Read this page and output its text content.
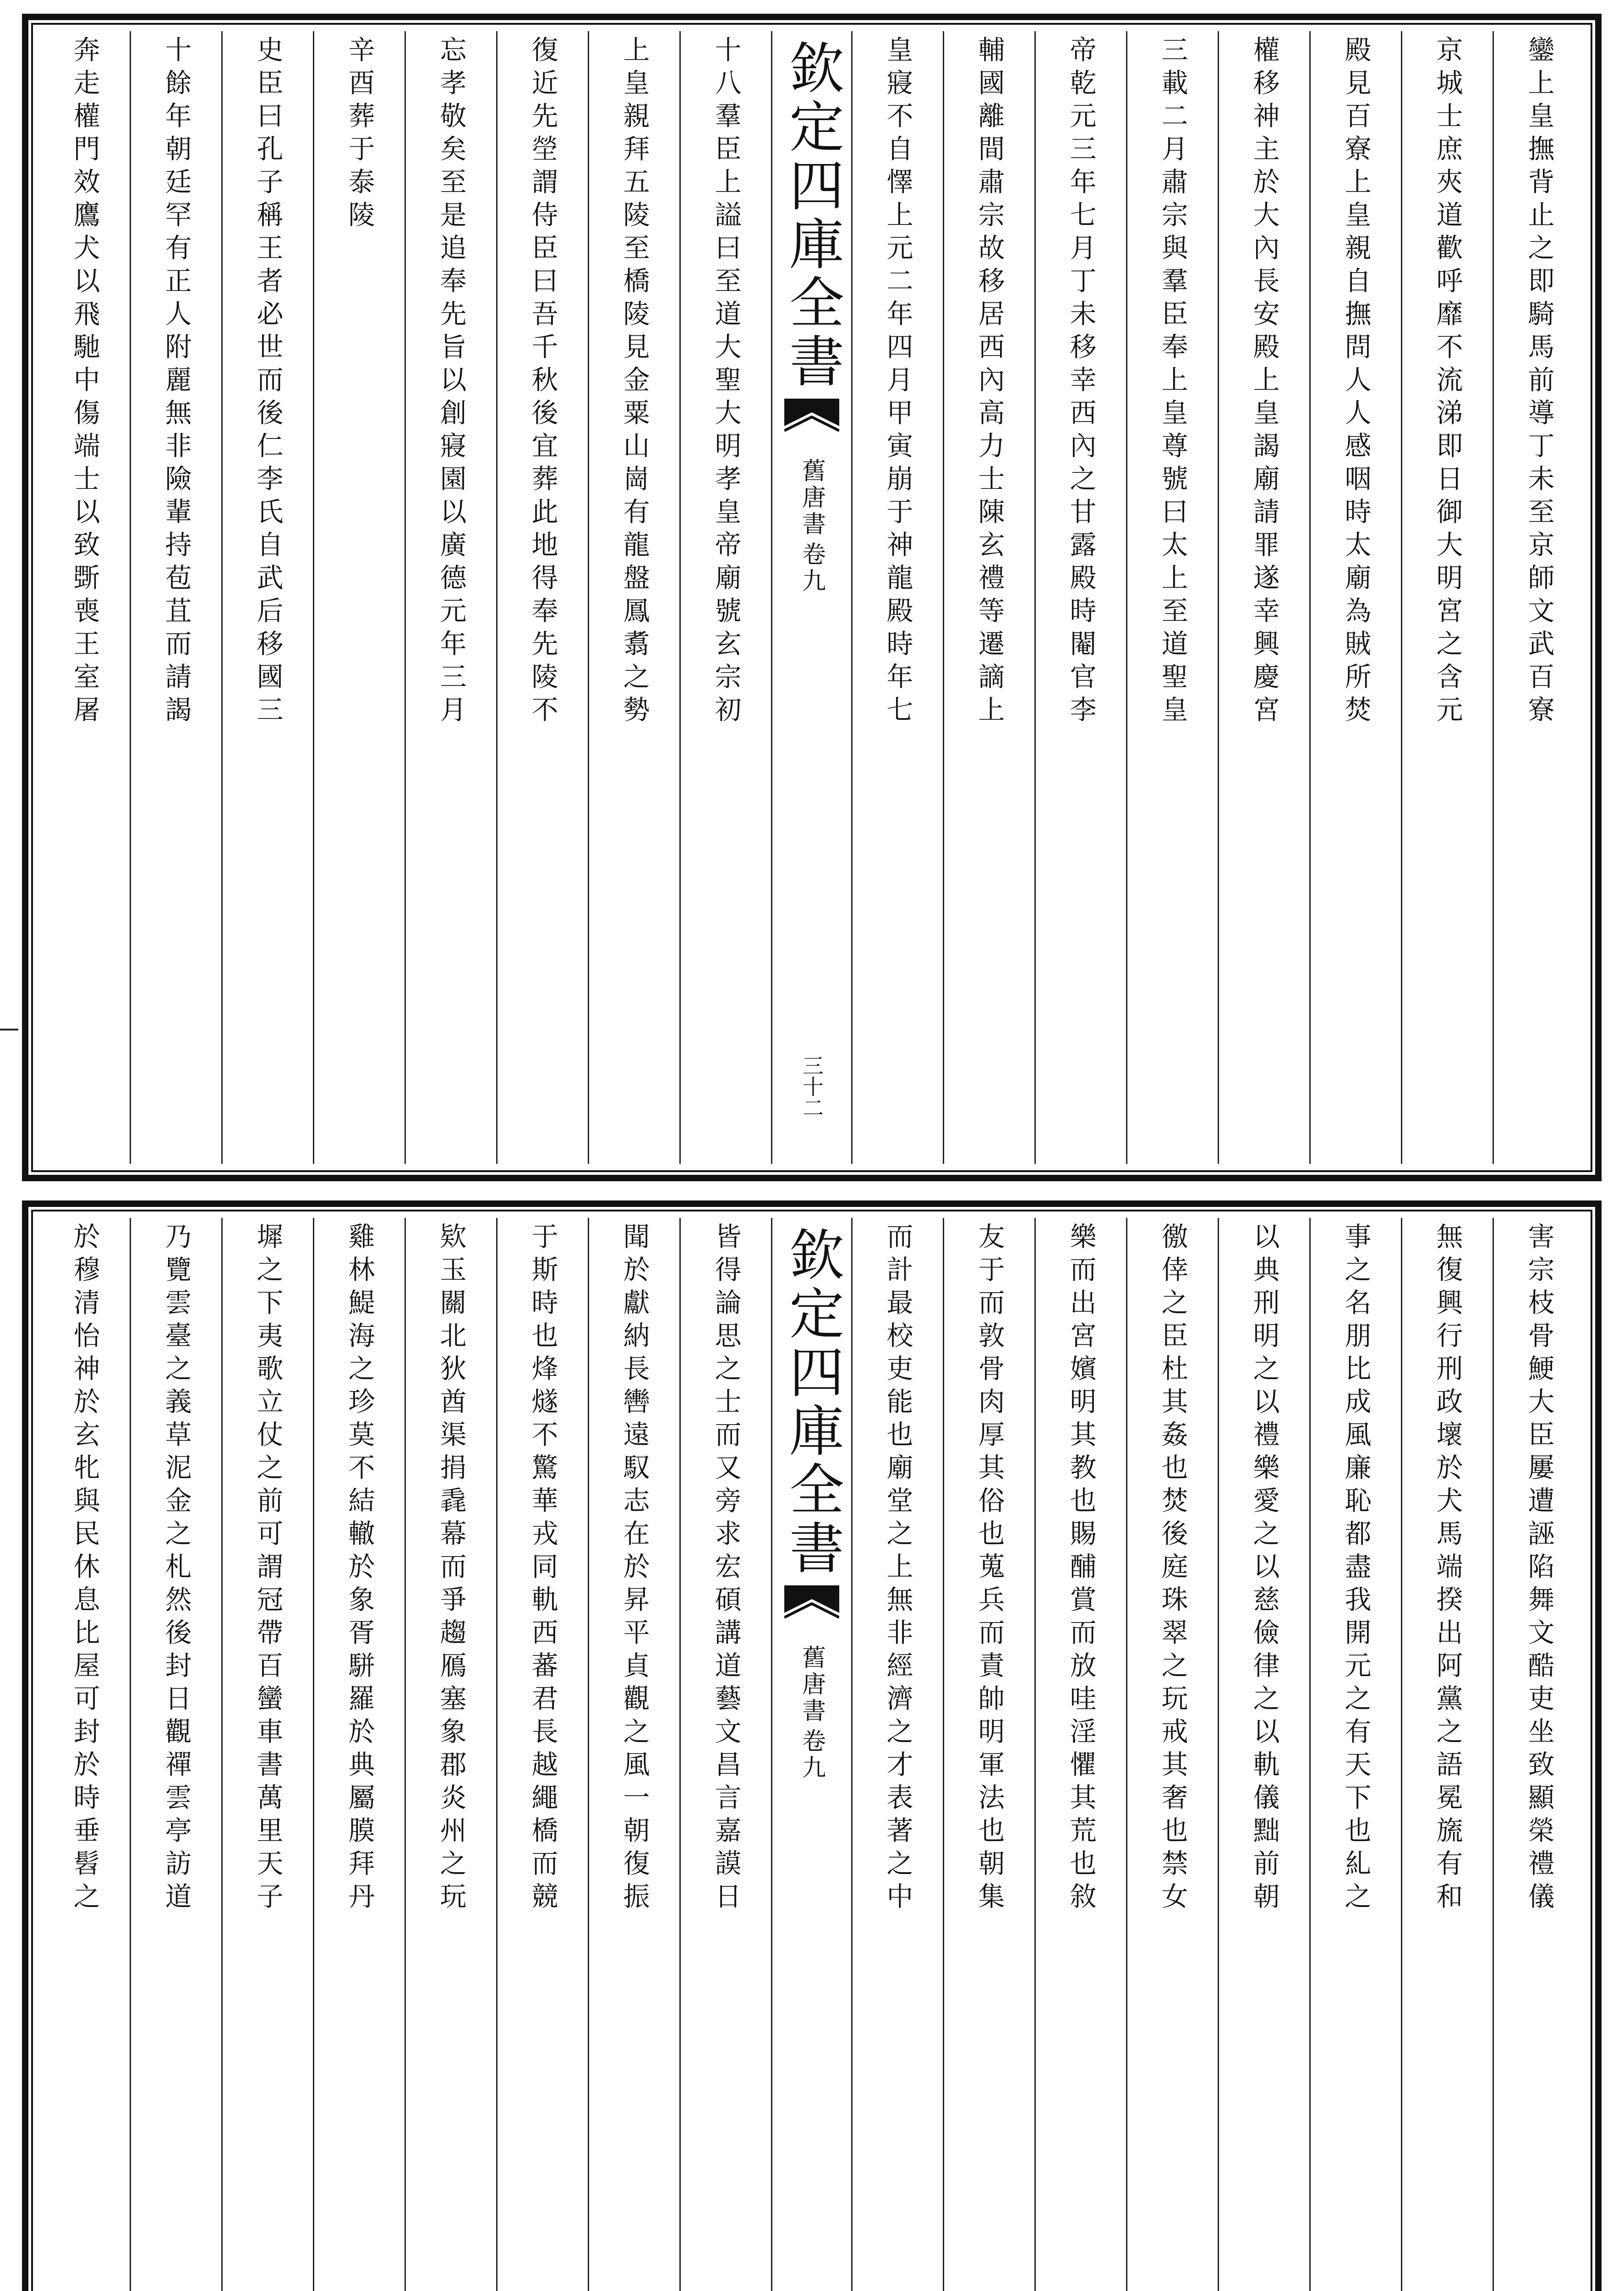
鑾上皇撫背止之即騎馬前導丁未至京師文武百寮
京城士庶夾道歡呼靡不流涕即日御大明宮之含元
殿見百寮上皇親自撫問人人感咽時太廟為賊所焚
權移神主於大內長安殿上皇謁廟請罪遂幸興慶宮
三載二月肅宗與羣臣奉上皇尊號曰太上至道聖皇
帝乾元三年七月丁未移幸西內之甘露殿時閹官李
輔國離間肅宗故移居西內高力士陳玄禮等遷謫上
皇寢不自懌上元二年四月甲寅崩于神龍殿時年七
欽定四庫全書
舊唐書
卷九
三十二
十八羣臣上謚曰至道大聖大明孝皇帝廟號玄宗初
上皇親拜五陵至橋陵見金粟山崗有龍盤鳳翥之勢
復近先塋謂侍臣曰吾千秋後宜葬此地得奉先陵不
忘孝敬矣至是追奉先旨以創寢園以廣德元年三月
辛酉葬于泰陵
史臣曰孔子稱王者必世而後仁李氏自武后移國三
十餘年朝廷罕有正人附麗無非險輩持苞苴而請謁
奔走權門效鷹犬以飛馳中傷端士以致斲喪王室屠
害宗枝骨鯁大臣屢遭誣陷舞文酷吏坐致顯榮禮儀
無復興行刑政壞於犬馬端揆出阿黨之語冕旒有和
事之名朋比成風廉恥都盡我開元之有天下也糺之
以典刑明之以禮樂愛之以慈儉律之以軌儀黜前朝
徼倖之臣杜其姦也焚後庭珠翠之玩戒其奢也禁女
樂而出宮嬪明其教也賜酺賞而放哇淫懼其荒也敘
友于而敦骨肉厚其俗也蒐兵而責帥明軍法也朝集
而計最校吏能也廟堂之上無非經濟之才表著之中
欽定四庫全書
舊唐書
卷九
皆得論思之士而又旁求宏碩講道藝文昌言嘉謨日
聞於獻納長轡遠馭志在於昇平貞觀之風一朝復振
于斯時也烽燧不驚華戎同軌西蕃君長越繩橋而競
欵玉關北狄酋渠捐毳幕而爭趨鴈塞象郡炎州之玩
雞林鯷海之珍莫不結轍於象胥駢羅於典屬膜拜丹
墀之下夷歌立仗之前可謂冠帶百蠻車書萬里天子
乃覽雲臺之義草泥金之札然後封日觀禪雲亭訪道
於穆清怡神於玄牝與民休息比屋可封於時垂髫之
